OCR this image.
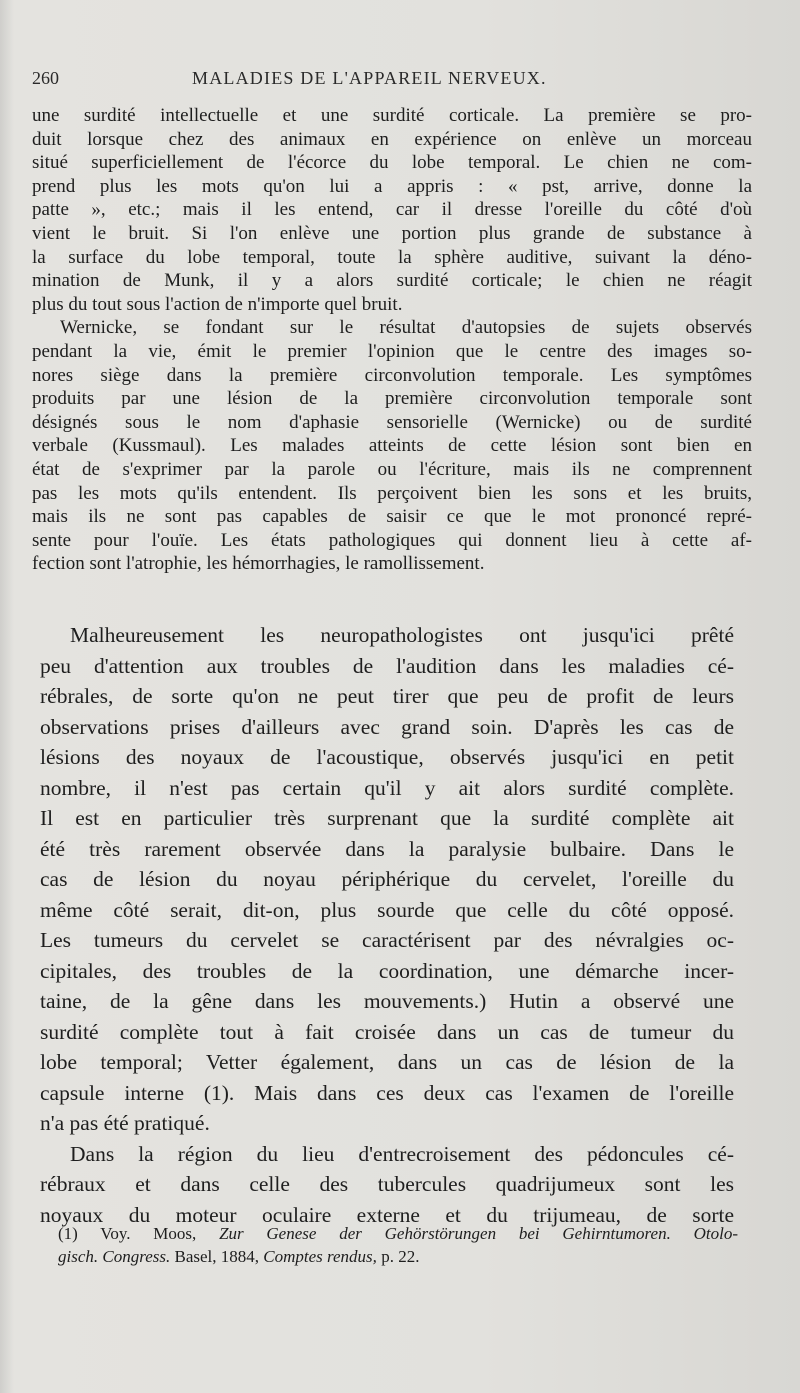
260	MALADIES DE L'APPAREIL NERVEUX.
une surdité intellectuelle et une surdité corticale. La première se pro-
duit lorsque chez des animaux en expérience on enlève un morceau
situé superficiellement de l'écorce du lobe temporal. Le chien ne com-
prend plus les mots qu'on lui a appris : « pst, arrive, donne la
patte », etc.; mais il les entend, car il dresse l'oreille du côté d'où
vient le bruit. Si l'on enlève une portion plus grande de substance à
la surface du lobe temporal, toute la sphère auditive, suivant la déno-
mination de Munk, il y a alors surdité corticale; le chien ne réagit
plus du tout sous l'action de n'importe quel bruit.
Wernicke, se fondant sur le résultat d'autopsies de sujets observés
pendant la vie, émit le premier l'opinion que le centre des images so-
nores siège dans la première circonvolution temporale. Les symptômes
produits par une lésion de la première circonvolution temporale sont
désignés sous le nom d'aphasie sensorielle (Wernicke) ou de surdité
verbale (Kussmaul). Les malades atteints de cette lésion sont bien en
état de s'exprimer par la parole ou l'écriture, mais ils ne comprennent
pas les mots qu'ils entendent. Ils perçoivent bien les sons et les bruits,
mais ils ne sont pas capables de saisir ce que le mot prononcé repré-
sente pour l'ouïe. Les états pathologiques qui donnent lieu à cette af-
fection sont l'atrophie, les hémorrhagies, le ramollissement.
Malheureusement les neuropathologistes ont jusqu'ici prêté
peu d'attention aux troubles de l'audition dans les maladies cé-
rébrales, de sorte qu'on ne peut tirer que peu de profit de leurs
observations prises d'ailleurs avec grand soin. D'après les cas de
lésions des noyaux de l'acoustique, observés jusqu'ici en petit
nombre, il n'est pas certain qu'il y ait alors surdité complète.
Il est en particulier très surprenant que la surdité complète ait
été très rarement observée dans la paralysie bulbaire. Dans le
cas de lésion du noyau périphérique du cervelet, l'oreille du
même côté serait, dit-on, plus sourde que celle du côté opposé.
Les tumeurs du cervelet se caractérisent par des névralgies oc-
cipitales, des troubles de la coordination, une démarche incer-
taine, de la gêne dans les mouvements.) Hutin a observé une
surdité complète tout à fait croisée dans un cas de tumeur du
lobe temporal; Vetter également, dans un cas de lésion de la
capsule interne (1). Mais dans ces deux cas l'examen de l'oreille
n'a pas été pratiqué.
Dans la région du lieu d'entrecroisement des pédoncules cé-
rébraux et dans celle des tubercules quadrijumeux sont les
noyaux du moteur oculaire externe et du trijumeau, de sorte
(1) Voy. Moos, Zur Genese der Gehörstörungen bei Gehirntumoren. Otolo-
gisch. Congress. Basel, 1884, Comptes rendus, p. 22.
